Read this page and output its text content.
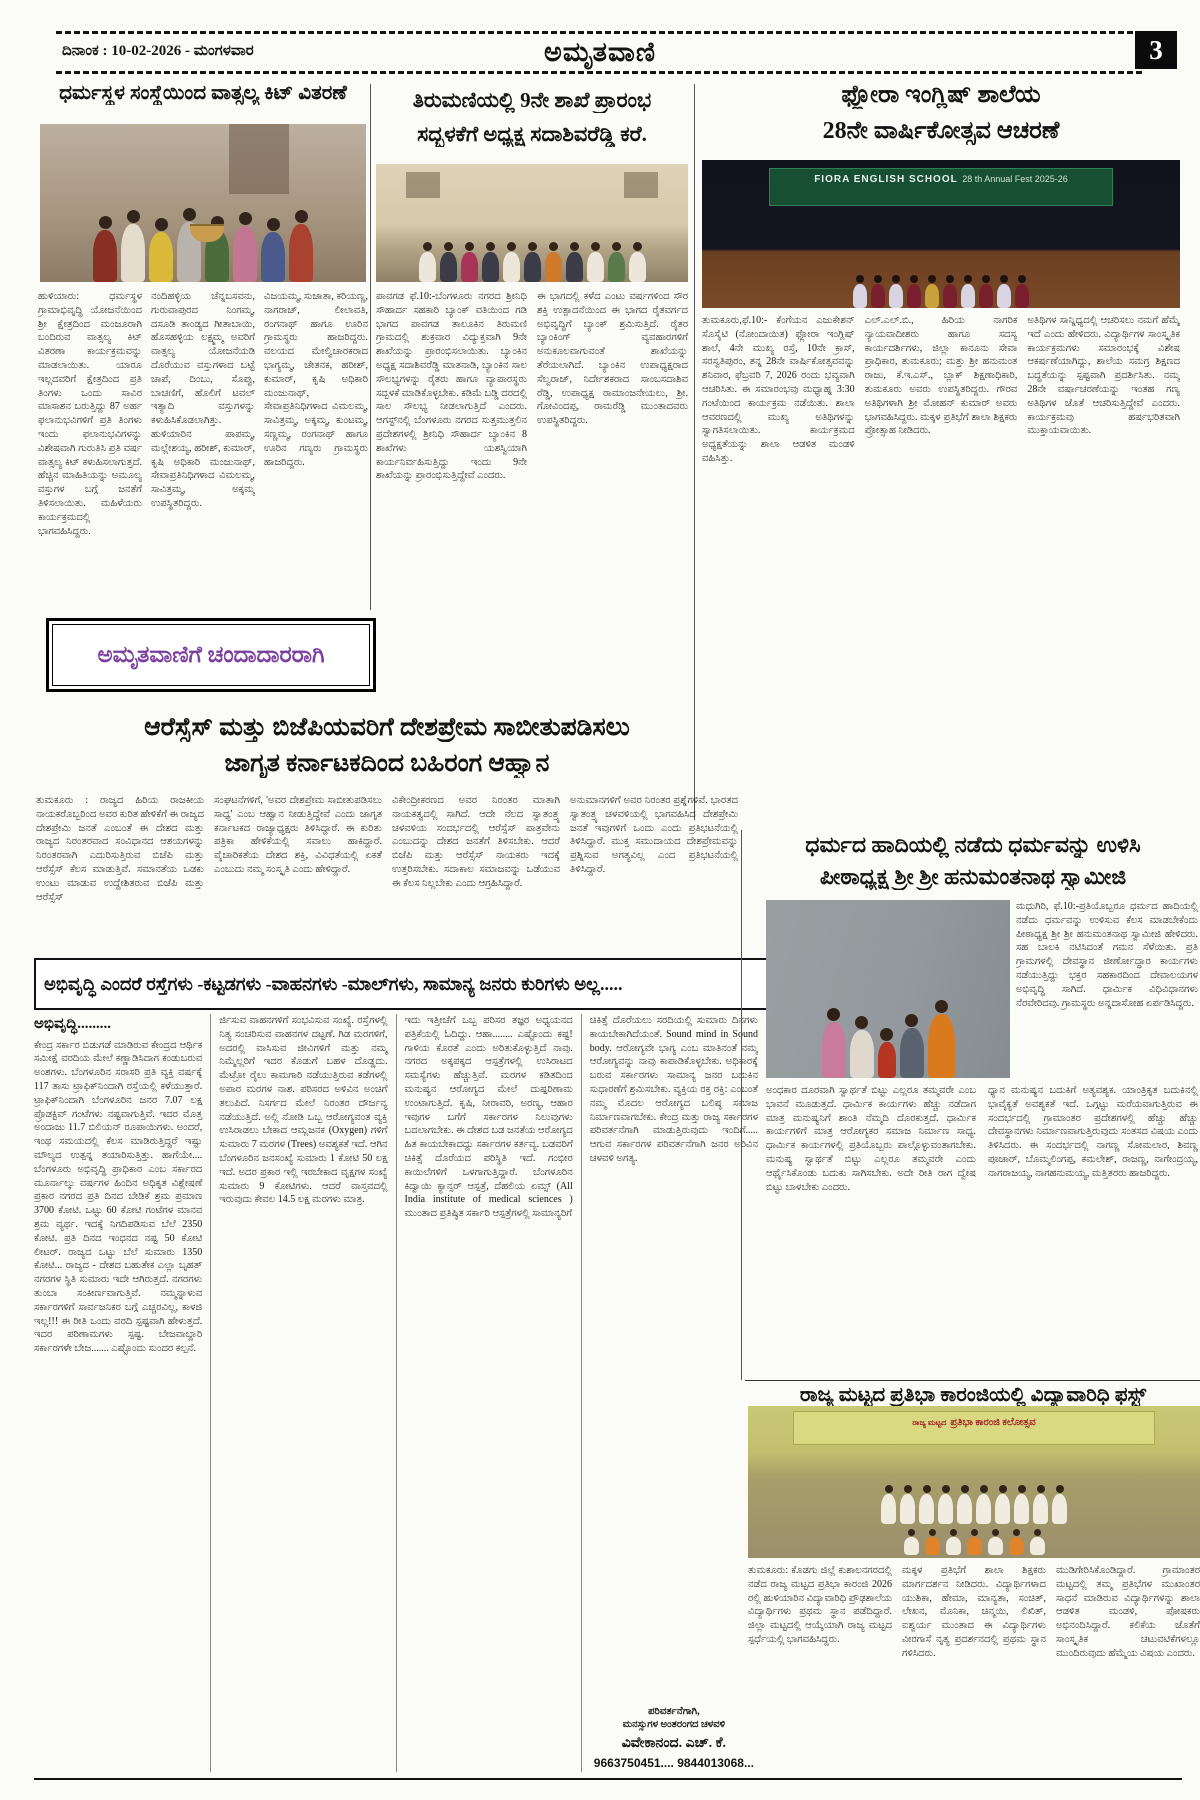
ದಿನಾಂಕ : 10-02-2026 - ಮಂಗಳವಾರ	ಅಮೃತವಾಣಿ	3
ಧರ್ಮಸ್ಥಳ ಸಂಸ್ಥೆಯಿಂದ ವಾತ್ಸಲ್ಯ ಕಿಟ್ ವಿತರಣೆ
ಹುಳಿಯಾರು: ಧರ್ಮಸ್ಥಳ ಗ್ರಾಮಾಭಿವೃದ್ಧಿ ಯೋಜನೆಯಿಂದ ಶ್ರೀ ಕ್ಷೇತ್ರದಿಂದ ಮಂಜೂರಾಗಿ ಬಂದಿರುವ ವಾತ್ಸಲ್ಯ ಕಿಟ್ ವಿತರಣಾ ಕಾರ್ಯಕ್ರಮವನ್ನು ಮಾಡಲಾಯಿತು. ಯಾರೂ ಇಲ್ಲದವರಿಗೆ ಕ್ಷೇತ್ರದಿಂದ ಪ್ರತಿ ತಿಂಗಳು ಒಂದು ಸಾವಿರ ಮಾಸಾಶನ ಬರುತ್ತಿದ್ದು 87 ಅರ್ಹ ಫಲಾನುಭವಿಗಳಿಗೆ ಪ್ರತಿ ತಿಂಗಳು ಇಂದು ಫಲಾನುಭವಿಗಳನ್ನು ವಿಶೇಷವಾಗಿ ಗುರುತಿಸಿ ಪ್ರತಿ ವರ್ಷ ವಾತ್ಸಲ್ಯ ಕಿಟ್ ಕಳುಹಿಸಲಾಗುತ್ತದೆ. ಹೆಚ್ಚಿನ ಮಾಹಿತಿಯನ್ನು ಅಮೂಲ್ಯ ವಸ್ತುಗಳ ಬಗ್ಗೆ ಜನತೆಗೆ ತಿಳಿಸಲಾಯಿತು. ಮಹಿಳೆಯರು ಕಾರ್ಯಕ್ರಮದಲ್ಲಿ ಭಾಗವಹಿಸಿದ್ದರು.
ನಂದಿಹಳ್ಳಿಯ ಚೆನ್ನಬಸವನು, ಗುರುವಾಪುರದ ನಿಂಗಮ್ಮ, ದಸೂಡಿ ತಾಂಡ್ಯದ ಗೀತಾಬಾಯಿ, ಹೊಸಹಳ್ಳಿಯ ಲಕ್ಷ್ಮಮ್ಮ ಅವರಿಗೆ ವಾತ್ಸಲ್ಯ ಯೋಜನೆಯಡಿ ದೊರೆಯುವ ವಸ್ತುಗಳಾದ ಬಟ್ಟೆ ಚಾಪೆ, ದಿಂಬು, ಸೊಪ್ಪು, ಬಾಚಣಿಗೆ, ಹೊಲಿಗೆ ಟವಲ್ ಇತ್ಯಾದಿ ವಸ್ತುಗಳನ್ನು ಕಳುಹಿಸಿಕೊಡಲಾಗಿತ್ತು. ಹುಳಿಯಾರಿನ ಪಾಪಮ್ಮ, ಮಲ್ಲೇಶಯ್ಯ, ಹರೀಶ್, ಕುಮಾರ್, ಕೃಷಿ ಅಧಿಕಾರಿ ಮಂಜುನಾಥ್, ಸೇವಾಪ್ರತಿನಿಧಿಗಳಾದ ವಿಮಲಮ್ಮ, ಸಾವಿತ್ರಮ್ಮ, ಅಕ್ಕಮ್ಮ ಉಪಸ್ಥಿತರಿದ್ದರು.
ವಿಜಯಮ್ಮ, ಸುಜಾತಾ, ಕರಿಯಣ್ಣ, ನಾಗರಾಜ್, ಲೀಲಾವತಿ, ರಂಗನಾಥ್ ಹಾಗೂ ಊರಿನ ಗ್ರಾಮಸ್ಥರು ಹಾಜರಿದ್ದರು. ವಲಯದ ಮೇಲ್ವಿಚಾರಕರಾದ ಭಾಗ್ಯಮ್ಮ, ಚೇತನಕ, ಹರೀಶ್, ಕುಮಾರ್, ಕೃಷಿ ಅಧಿಕಾರಿ ಮಂಜುನಾಥ್, ಸೇವಾಪ್ರತಿನಿಧಿಗಳಾದ ವಿಮಲಮ್ಮ, ಸಾವಿತ್ರಮ್ಮ, ಅಕ್ಕಮ್ಮ, ಕುಂಟಮ್ಮ, ಸಣ್ಣಮ್ಮ, ರಂಗನಾಥ್ ಹಾಗೂ ಊರಿನ ಗಣ್ಯರು ಗ್ರಾಮಸ್ಥರು ಹಾಜರಿದ್ದರು.
ತಿರುಮಣಿಯಲ್ಲಿ 9ನೇ ಶಾಖೆ ಪ್ರಾರಂಭ
ಸದ್ಬಳಕೆಗೆ ಅಧ್ಯಕ್ಷ ಸದಾಶಿವರೆಡ್ಡಿ ಕರೆ.
ಪಾವಗಡ ಫೆ.10:-ಬೆಂಗಳೂರು ನಗರದ ಶ್ರೀನಿಧಿ ಸೌಹಾರ್ದ ಸಹಕಾರಿ ಬ್ಯಾಂಕ್ ವತಿಯಿಂದ ಗಡಿ ಭಾಗದ ಪಾವಗಡ ತಾಲೂಕಿನ ತಿರುಮಣಿ ಗ್ರಾಮದಲ್ಲಿ ಶುಕ್ರವಾರ ವಿದ್ಯುಕ್ತವಾಗಿ 9ನೇ ಶಾಖೆಯನ್ನು ಪ್ರಾರಂಭಿಸಲಾಯಿತು. ಬ್ಯಾಂಕಿನ ಅಧ್ಯಕ್ಷ ಸದಾಶಿವರೆಡ್ಡಿ ಮಾತನಾಡಿ, ಬ್ಯಾಂಕಿನ ಸಾಲ ಸೌಲಭ್ಯಗಳನ್ನು ರೈತರು ಹಾಗೂ ವ್ಯಾಪಾರಸ್ಥರು ಸದ್ಬಳಕೆ ಮಾಡಿಕೊಳ್ಳಬೇಕು. ಕಡಿಮೆ ಬಡ್ಡಿ ದರದಲ್ಲಿ ಸಾಲ ಸೌಲಭ್ಯ ನೀಡಲಾಗುತ್ತಿದೆ ಎಂದರು. ಆಗಸ್ಟ್‌ನಲ್ಲಿ ಬೆಂಗಳೂರು ನಗರದ ಸುತ್ತಮುತ್ತಲಿನ ಪ್ರದೇಶಗಳಲ್ಲಿ ಶ್ರೀನಿಧಿ ಸೌಹಾರ್ದ ಬ್ಯಾಂಕಿನ 8 ಶಾಖೆಗಳು ಯಶಸ್ವಿಯಾಗಿ ಕಾರ್ಯನಿರ್ವಹಿಸುತ್ತಿದ್ದು ಇಂದು 9ನೇ ಶಾಖೆಯನ್ನು ಪ್ರಾರಂಭಿಸುತ್ತಿದ್ದೇವೆ ಎಂದರು.
ಈ ಭಾಗದಲ್ಲಿ ಕಳೆದ ಎಂಟು ವರ್ಷಗಳಿಂದ ಸೌರ ಶಕ್ತಿ ಉತ್ಪಾದನೆಯಿಂದ ಈ ಭಾಗದ ರೈತವರ್ಗದ ಅಭಿವೃದ್ಧಿಗೆ ಬ್ಯಾಂಕ್ ಶ್ರಮಿಸುತ್ತಿದೆ. ರೈತರ ಬ್ಯಾಂಕಿಂಗ್ ವ್ಯವಹಾರಗಳಿಗೆ ಅನುಕೂಲವಾಗುವಂತೆ ಶಾಖೆಯನ್ನು ತೆರೆಯಲಾಗಿದೆ. ಬ್ಯಾಂಕಿನ ಉಪಾಧ್ಯಕ್ಷರಾದ ಸೆಲ್ವರಾಜ್, ನಿರ್ದೇಶಕರಾದ ಸಾಂಬಸದಾಶಿವ ರೆಡ್ಡಿ, ಉಪಾಧ್ಯಕ್ಷ ರಾಮಾಂಜನೇಯಲು, ಶ್ರೀ. ಗೋವಿಂದಪ್ಪ, ರಾಮರೆಡ್ಡಿ ಮುಂತಾದವರು ಉಪಸ್ಥಿತರಿದ್ದರು.
ಫ್ಲೋರಾ ಇಂಗ್ಲಿಷ್ ಶಾಲೆಯ
28ನೇ ವಾರ್ಷಿಕೋತ್ಸವ ಆಚರಣೆ
FIORA ENGLISH SCHOOL 28 th Annual Fest 2025-26
ತುಮಕೂರು,ಫೆ.10:- ಕೆಂಗೆಯನ ಎಜುಕೇಶನ್ ಸೊಸೈಟಿ (ನೋಂದಾಯಿತ) ಫ್ಲೋರಾ ಇಂಗ್ಲಿಷ್ ಶಾಲೆ, 4ನೇ ಮುಖ್ಯ ರಸ್ತೆ, 10ನೇ ಕ್ರಾಸ್, ಸರಸ್ವತಿಪುರಂ, ತನ್ನ 28ನೇ ವಾರ್ಷಿಕೋತ್ಸವವನ್ನು ಶನಿವಾರ, ಫೆಬ್ರವರಿ 7, 2026 ರಂದು ಭವ್ಯವಾಗಿ ಆಚರಿಸಿತು. ಈ ಸಮಾರಂಭವು ಮಧ್ಯಾಹ್ನ 3:30 ಗಂಟೆಯಿಂದ ಕಾರ್ಯಕ್ರಮ ನಡೆಯಿತು. ಶಾಲಾ ಆವರಣದಲ್ಲಿ ಮುಖ್ಯ ಅತಿಥಿಗಳನ್ನು ಸ್ವಾಗತಿಸಲಾಯಿತು. ಕಾರ್ಯಕ್ರಮದ ಅಧ್ಯಕ್ಷತೆಯನ್ನು ಶಾಲಾ ಆಡಳಿತ ಮಂಡಳಿ ವಹಿಸಿತ್ತು.
ಎಲ್.ಎಲ್.ಬಿ., ಹಿರಿಯ ನಾಗರಿಕ ನ್ಯಾಯವಾದೀಶರು ಹಾಗೂ ಸದಸ್ಯ ಕಾರ್ಯದರ್ಶಿಗಳು, ಜಿಲ್ಲಾ ಕಾನೂನು ಸೇವಾ ಪ್ರಾಧಿಕಾರ, ತುಮಕೂರು; ಮತ್ತು ಶ್ರೀ ಹನುಮಂತ ರಾಜು, ಕೆ.ಇ.ಎಸ್., ಬ್ಲಾಕ್ ಶಿಕ್ಷಣಾಧಿಕಾರಿ, ತುಮಕೂರು ಅವರು ಉಪಸ್ಥಿತರಿದ್ದರು. ಗೌರವ ಅತಿಥಿಗಳಾಗಿ ಶ್ರೀ ಮೋಹನ್ ಕುಮಾರ್ ಅವರು ಭಾಗವಹಿಸಿದ್ದರು. ಮಕ್ಕಳ ಪ್ರತಿಭೆಗೆ ಶಾಲಾ ಶಿಕ್ಷಕರು ಪ್ರೋತ್ಸಾಹ ನೀಡಿದರು.
ಅತಿಥಿಗಳ ಸಾನ್ನಿಧ್ಯದಲ್ಲಿ ಆಚರಿಸಲು ನಮಗೆ ಹೆಮ್ಮೆ ಇದೆ ಎಂದು ಹೇಳಿದರು. ವಿದ್ಯಾರ್ಥಿಗಳ ಸಾಂಸ್ಕೃತಿಕ ಕಾರ್ಯಕ್ರಮಗಳು ಸಮಾರಂಭಕ್ಕೆ ವಿಶೇಷ ಆಕರ್ಷಣೆಯಾಗಿದ್ದು, ಶಾಲೆಯ ಸಮಗ್ರ ಶಿಕ್ಷಣದ ಬದ್ಧತೆಯನ್ನು ಸ್ಪಷ್ಟವಾಗಿ ಪ್ರದರ್ಶಿಸಿತು. ನಮ್ಮ 28ನೇ ವರ್ಷಾಚರಣೆಯನ್ನು ಇಂತಹ ಗಣ್ಯ ಅತಿಥಿಗಳ ಜೊತೆ ಆಚರಿಸುತ್ತಿದ್ದೇವೆ ಎಂದರು. ಕಾರ್ಯಕ್ರಮವು ಹರ್ಷಭರಿತವಾಗಿ ಮುಕ್ತಾಯವಾಯಿತು.
ಅಮೃತವಾಣಿಗೆ ಚಂದಾದಾರರಾಗಿ
ಆರೆಸ್ಸೆಸ್ ಮತ್ತು ಬಿಜೆಪಿಯವರಿಗೆ ದೇಶಪ್ರೇಮ ಸಾಬೀತುಪಡಿಸಲು
ಜಾಗೃತ ಕರ್ನಾಟಕದಿಂದ ಬಹಿರಂಗ ಆಹ್ವಾನ
ತುಮಕೂರು : ರಾಜ್ಯದ ಹಿರಿಯ ರಾಜಕೀಯ ನಾಯಕರೊಬ್ಬರಿಂದ ಅವರ ಕುರಿತ ಹೇಳಿಕೆಗೆ ಈ ರಾಜ್ಯದ ದೇಶಪ್ರೇಮಿ ಜನತೆ ಎಂಬಂತೆ ಈ ದೇಶದ ಮತ್ತು ರಾಜ್ಯದ ನಿರಂತರವಾದ ಸಂವಿಧಾನದ ಆಶಯಗಳನ್ನು ನಿರಂತರವಾಗಿ ಎದುರಿಸುತ್ತಿರುವ ಬಿಜೆಪಿ ಮತ್ತು ಆರೆಸ್ಸೆಸ್ ಕೆಲಸ ಮಾಡುತ್ತಿವೆ. ಸಮಾನತೆಯ ಒಡಕು ಉಂಟು ಮಾಡುವ ಉದ್ದೇಶಿತರುವ ಬಿಜೆಪಿ ಮತ್ತು ಆರೆಸ್ಸೆಸ್
ಸಂಘಟನೆಗಳಿಗೆ, 'ಅವರ ದೇಶಪ್ರೇಮ ಸಾಬೀತುಪಡಿಸಲು ಸಾಧ್ಯ' ಎಂಬ ಆಹ್ವಾನ ನೀಡುತ್ತಿದ್ದೇವೆ ಎಂದು ಜಾಗೃತ ಕರ್ನಾಟಕದ ರಾಜ್ಯಾಧ್ಯಕ್ಷರು ತಿಳಿಸಿದ್ದಾರೆ. ಈ ಕುರಿತು ಪತ್ರಿಕಾ ಹೇಳಿಕೆಯಲ್ಲಿ ಸವಾಲು ಹಾಕಿದ್ದಾರೆ. ವೈಚಾರಿಕತೆಯ ದೇಶದ ಶಕ್ತಿ, ವಿವಿಧತೆಯಲ್ಲಿ ಏಕತೆ ಎಂಬುದು ನಮ್ಮ ಸಂಸ್ಕೃತಿ ಎಂದು ಹೇಳಿದ್ದಾರೆ.
ವಿಕೇಂದ್ರೀಕರಣದ ಅವರ ನಿರಂತರ ಮಾತಾಗಿ ನಾಯಕತ್ವದಲ್ಲಿ ಸಾಗಿದೆ. ಆದೇ ನೆಲದ ಸ್ವಾತಂತ್ರ್ಯ ಚಳವಳಿಯ ಸಂದರ್ಭದಲ್ಲಿ ಆರೆಸ್ಸೆಸ್ ಪಾತ್ರವೇನು ಎಂಬುದನ್ನು ದೇಶದ ಜನತೆಗೆ ತಿಳಿಸಬೇಕು. ಆದರೆ ಬಿಜೆಪಿ ಮತ್ತು ಆರೆಸ್ಸೆಸ್ ನಾಯಕರು ಇದಕ್ಕೆ ಉತ್ತರಿಸಬೇಕು. ಸದಾಕಾಲ ಸಮಾಜವನ್ನು ಒಡೆಯುವ ಈ ಕೆಲಸ ನಿಲ್ಲಬೇಕು ಎಂದು ಆಗ್ರಹಿಸಿದ್ದಾರೆ.
ಅನುಮಾನಗಳಿಗೆ ಅವರ ನಿರಂತರ ಪ್ರಶ್ನೆಗಳಿವೆ. ಭಾರತದ ಸ್ವಾತಂತ್ರ್ಯ ಚಳವಳಿಯಲ್ಲಿ ಭಾಗವಹಿಸಿದ ದೇಶಪ್ರೇಮಿ ಜನತೆ ಇವುಗಳಿಗೆ ಒಂದು ಎಂದು ಪ್ರತಿಭಟನೆಯಲ್ಲಿ ತಿಳಿಸಿದ್ದಾರೆ. ಮುಕ್ತ ಸಮುದಾಯದ ದೇಶಪ್ರೇಮವನ್ನು ಪ್ರಶ್ನಿಸುವ ಅಗತ್ಯವಿಲ್ಲ ಎಂದ ಪ್ರತಿಭಟನೆಯಲ್ಲಿ ತಿಳಿಸಿದ್ದಾರೆ.
ಅಭಿವೃದ್ಧಿ ಎಂದರೆ ರಸ್ತೆಗಳು -ಕಟ್ಟಡಗಳು -ವಾಹನಗಳು -ಮಾಲ್‌ಗಳು, ಸಾಮಾನ್ಯ ಜನರು ಕುರಿಗಳು ಅಲ್ಲ.....
ಅಭಿವೃದ್ಧಿ.........
ಕೇಂದ್ರ ಸರ್ಕಾರ ಬಿಡುಗಡೆ ಮಾಡಿರುವ ಕೇಂದ್ರದ ಆರ್ಥಿಕ ಸಮೀಕ್ಷೆ ವರದಿಯ ಮೇಲೆ ಕಣ್ಣಾಡಿಸಿದಾಗ ಕಂಡುಬರುವ ಅಂಶಗಳು. ಬೆಂಗಳೂರಿನ ಸರಾಸರಿ ಪ್ರತಿ ವ್ಯಕ್ತಿ ವರ್ಷಕ್ಕೆ 117 ತಾಸು ಟ್ರಾಫಿಕ್‌ನಿಂದಾಗಿ ರಸ್ತೆಯಲ್ಲಿ ಕಳೆಯುತ್ತಾರೆ. ಟ್ರಾಫಿಕ್‌ನಿಂದಾಗಿ ಬೆಂಗಳೂರಿನ ಜನರ 7.07 ಲಕ್ಷ ಪ್ರೊಡಕ್ಟಿವ್ ಗಂಟೆಗಳು ನಷ್ಟವಾಗುತ್ತಿವೆ. ಇದರ ಮೊತ್ತ ಅಂದಾಜು 11.7 ಬಿಲಿಯನ್ ರೂಪಾಯಿಗಳು. ಅಂದರೆ, ಇಂಥ ಸಮಯದಲ್ಲಿ ಕೆಲಸ ಮಾಡಿರುತ್ತಿದ್ದರೆ ಇಷ್ಟು ಮೌಲ್ಯದ ಉತ್ಪನ್ನ ತಯಾರಿಸುತ್ತಿತ್ತು. ಹಾಗೆಯೇ.... ಬೆಂಗಳೂರು ಅಭಿವೃದ್ಧಿ ಪ್ರಾಧಿಕಾರ ಎಂಬ ಸರ್ಕಾರದ ಮೂರ್ನಾಲ್ಕು ವರ್ಷಗಳ ಹಿಂದಿನ ಅಧಿಕೃತ ವಿಶ್ಲೇಷಣೆ ಪ್ರಕಾರ ನಗರದ ಪ್ರತಿ ದಿನದ ಬೇಡಿಕೆ ಶ್ರಮ ಪ್ರಮಾಣ 3700 ಕೋಟಿ. ಒಟ್ಟು 60 ಕೋಟಿ ಗಂಟೆಗಳ ಮಾನವ ಶ್ರಮ ವ್ಯರ್ಥ. ಇದಕ್ಕೆ ನಿಗದಿಪಡಿಸುವ ಬೆಲೆ 2350 ಕೋಟಿ. ಪ್ರತಿ ದಿನದ ಇಂಧನದ ನಷ್ಟ 50 ಕೋಟಿ ಲೀಟರ್. ರಾಜ್ಯದ ಒಟ್ಟು ಬೆಲೆ ಸುಮಾರು 1350 ಕೋಟಿ... ರಾಜ್ಯದ - ದೇಶದ ಬಹುತೇಕ ಎಲ್ಲಾ ಬೃಹತ್ ನಗರಗಳ ಸ್ಥಿತಿ ಸುಮಾರು ಇದೇ ಆಗಿರುತ್ತದೆ. ನಗರಗಳು ತುಂಬಾ ಸಂಕೀರ್ಣವಾಗುತ್ತಿವೆ. ನಮ್ಮನ್ನಾಳುವ ಸರ್ಕಾರಗಳಿಗೆ ಸಾರ್ವಜನಿಕರ ಬಗ್ಗೆ ಎಚ್ಚರವಿಲ್ಲ, ಕಾಳಜಿ ಇಲ್ಲ!!! ಈ ರೀತಿ ಒಂದು ವರದಿ ಸ್ಪಷ್ಟವಾಗಿ ಹೇಳುತ್ತದೆ. ಇದರ ಪರಿಣಾಮಗಳು ಸ್ಪಷ್ಟ. ಬೇಜವಾಬ್ದಾರಿ ಸರ್ಕಾರಗಳೇ ಬೇಜ....... ಎಷ್ಟೊಂದು ಸುಂದರ ಕಲ್ಪನೆ.
ರ್ಜಿಸುವ ವಾಹನಗಳಿಗೆ ಸಂಭವಿಸುವ ಸಂಖ್ಯೆ. ರಸ್ತೆಗಳಲ್ಲಿ ನಿತ್ಯ ಸಂಚರಿಸುವ ವಾಹನಗಳ ದಟ್ಟಣೆ. ಗಿಡ ಮರಗಳಿಗೆ, ಅದರಲ್ಲಿ ವಾಸಿಸುವ ಜೀವಿಗಳಿಗೆ ಮತ್ತು ನಮ್ಮ ನಿಮ್ಮೆಲ್ಲರಿಗೆ ಇದರ ಕೊಡುಗೆ ಬಹಳ ದೊಡ್ಡದು. ಮೆಟ್ರೋ ರೈಲು ಕಾಮಗಾರಿ ನಡೆಯುತ್ತಿರುವ ಕಡೆಗಳಲ್ಲಿ ಅಪಾರ ಮರಗಳ ನಾಶ. ಪರಿಸರದ ಅಳಿವಿನ ಅಂಚಿಗೆ ತಲುಪಿದೆ. ನಿಸರ್ಗದ ಮೇಲೆ ನಿರಂತರ ದೌರ್ಜನ್ಯ ನಡೆಯುತ್ತಿದೆ. ಅಲ್ಲಿ ನೋಡಿ ಒಬ್ಬ ಆರೋಗ್ಯವಂತ ವ್ಯಕ್ತಿ ಉಸಿರಾಡಲು ಬೇಕಾದ ಆಮ್ಲಜನಕ (Oxygen) ಗಳಿಗೆ ಸುಮಾರು 7 ಮರಗಳ (Trees) ಅವಶ್ಯಕತೆ ಇದೆ. ಆಗಿನ ಬೆಂಗಳೂರಿನ ಜನಸಂಖ್ಯೆ ಸುಮಾರು 1 ಕೋಟಿ 50 ಲಕ್ಷ ಇದೆ. ಅದರ ಪ್ರಕಾರ ಇಲ್ಲಿ ಇರಬೇಕಾದ ವೃಕ್ಷಗಳ ಸಂಖ್ಯೆ ಸುಮಾರು 9 ಕೋಟಿಗಳು. ಆದರೆ ವಾಸ್ತವದಲ್ಲಿ ಇರುವುದು ಕೇವಲ 14.5 ಲಕ್ಷ ಮರಗಳು ಮಾತ್ರ.
ಇದು ಇತ್ತೀಚೆಗೆ ಒಬ್ಬ ಪರಿಸರ ತಜ್ಞರ ಅಧ್ಯಯನದ ಪತ್ರಿಕೆಯಲ್ಲಿ ಓದಿದ್ದು. ಆಹಾ........ ಎಷ್ಟೊಂದು ಕಷ್ಟ! ಗಾಳಿಯ ಕೊರತೆ ಎಂದು ಅರಿತುಕೊಳ್ಳುತ್ತಿದೆ ನಾವು. ನಗರದ ಅಕ್ಕಪಕ್ಕದ ಆಸ್ಪತ್ರೆಗಳಲ್ಲಿ ಉಸಿರಾಟದ ಸಮಸ್ಯೆಗಳು ಹೆಚ್ಚುತ್ತಿವೆ. ಮರಗಳ ಕಡಿತದಿಂದ ಮನುಷ್ಯನ ಆರೋಗ್ಯದ ಮೇಲೆ ದುಷ್ಪರಿಣಾಮ ಉಂಟಾಗುತ್ತಿದೆ. ಕೃಷಿ, ನೀರಾವರಿ, ಅರಣ್ಯ, ಆಹಾರ ಇವುಗಳ ಬಗೆಗೆ ಸರ್ಕಾರಗಳ ನಿಲುವುಗಳು ಬದಲಾಗಬೇಕು. ಈ ದೇಶದ ಬಡ ಜನತೆಯ ಆರೋಗ್ಯದ ಹಿತ ಕಾಯಬೇಕಾದದ್ದು ಸರ್ಕಾರಗಳ ಕರ್ತವ್ಯ. ಬಡವರಿಗೆ ಚಿಕಿತ್ಸೆ ದೊರೆಯದ ಪರಿಸ್ಥಿತಿ ಇದೆ. ಗಂಭೀರ ಕಾಯಿಲೆಗಳಿಗೆ ಒಳಗಾಗುತ್ತಿದ್ದಾರೆ. ಬೆಂಗಳೂರಿನ ಕಿದ್ವಾಯಿ ಕ್ಯಾನ್ಸರ್ ಆಸ್ಪತ್ರೆ, ದೆಹಲಿಯ ಏಮ್ಸ್ (All India institute of medical sciences ) ಮುಂತಾದ ಪ್ರತಿಷ್ಠಿತ ಸರ್ಕಾರಿ ಆಸ್ಪತ್ರೆಗಳಲ್ಲಿ ಸಾಮಾನ್ಯರಿಗೆ
ಚಿಕಿತ್ಸೆ ದೊರೆಯಲು ಸರದಿಯಲ್ಲಿ ಸುಮಾರು ದಿನಗಳು ಕಾಯಬೇಕಾಗಿದೆಯಂತೆ. Sound mind in Sound body. ಆರೋಗ್ಯವೇ ಭಾಗ್ಯ ಎಂಬ ಮಾತಿನಂತೆ ನಮ್ಮ ಆರೋಗ್ಯವನ್ನು ನಾವು ಕಾಪಾಡಿಕೊಳ್ಳಬೇಕು. ಅಧಿಕಾರಕ್ಕೆ ಬರುವ ಸರ್ಕಾರಗಳು ಸಾಮಾನ್ಯ ಜನರ ಬದುಕಿನ ಸುಧಾರಣೆಗೆ ಶ್ರಮಿಸಬೇಕು. ವ್ಯಕ್ತಿಯ ರಕ್ತ ರಕ್ತಿ: ಎಂಬಂತೆ ನಮ್ಮ ಮೊದಲ ಆರೋಗ್ಯದ ಬಲಿಷ್ಠ ಸಮಾಜ ನಿರ್ಮಾಣವಾಗಬೇಕು. ಕೇಂದ್ರ ಮತ್ತು ರಾಜ್ಯ ಸರ್ಕಾರಗಳ ಪರಿವರ್ತನೆಗಾಗಿ ಮಾಡುತ್ತಿರುವುದು ಇಂದಿಗೆ..... ಆಗುವ ಸರ್ಕಾರಗಳ ಪರಿವರ್ತನೆಗಾಗಿ ಜನರ ಅರಿವಿನ ಚಳವಳಿ ಅಗತ್ಯ.
ಪರಿವರ್ತನೆಗಾಗಿ,
ಮನಸ್ಸುಗಳ ಅಂತರಂಗದ ಚಳವಳಿ
ವಿವೇಕಾನಂದ. ಎಚ್. ಕೆ.
9663750451.... 9844013068...
ಧರ್ಮದ ಹಾದಿಯಲ್ಲಿ ನಡೆದು ಧರ್ಮವನ್ನು ಉಳಿಸಿ
ಪೀಠಾಧ್ಯಕ್ಷ ಶ್ರೀ ಶ್ರೀ ಹನುಮಂತನಾಥ ಸ್ವಾಮೀಜಿ
ಮಧುಗಿರಿ, ಫೆ.10:-ಪ್ರತಿಯೊಬ್ಬರೂ ಧರ್ಮದ ಹಾದಿಯಲ್ಲಿ ನಡೆದು ಧರ್ಮವನ್ನು ಉಳಿಸುವ ಕೆಲಸ ಮಾಡಬೇಕೆಂದು ಪೀಠಾಧ್ಯಕ್ಷ ಶ್ರೀ ಶ್ರೀ ಹನುಮಂತನಾಥ ಸ್ವಾಮೀಜಿ ಹೇಳಿದರು. ಸಹ ಬಾಲಕಿ ನಟಿಸಿದಂತೆ ಗಮನ ಸೆಳೆಯಿತು. ಪ್ರತಿ ಗ್ರಾಮಗಳಲ್ಲಿ ದೇವಸ್ಥಾನ ಜೀರ್ಣೋದ್ಧಾರ ಕಾರ್ಯಗಳು ನಡೆಯುತ್ತಿದ್ದು ಭಕ್ತರ ಸಹಕಾರದಿಂದ ದೇವಾಲಯಗಳ ಅಭಿವೃದ್ಧಿ ಸಾಗಿದೆ. ಧಾರ್ಮಿಕ ವಿಧಿವಿಧಾನಗಳು ನೆರವೇರಿದವು. ಗ್ರಾಮಸ್ಥರು ಅನ್ನದಾಸೋಹ ಏರ್ಪಡಿಸಿದ್ದರು.
ಅಂಧಕಾರ ದೂರವಾಗಿ ಸ್ವಾರ್ಥತೆ ಬಿಟ್ಟು ಎಲ್ಲರೂ ತಮ್ಮವರೇ ಎಂಬ ಭಾವನೆ ಮೂಡುತ್ತದೆ. ಧಾರ್ಮಿಕ ಕಾರ್ಯಗಳು ಹೆಚ್ಚು ನಡೆದಾಗ ಮಾತ್ರ ಮನುಷ್ಯನಿಗೆ ಶಾಂತಿ ನೆಮ್ಮದಿ ದೊರಕುತ್ತದೆ. ಧಾರ್ಮಿಕ ಕಾರ್ಯಗಳಿಗೆ ಮಾತ್ರ ಆರೋಗ್ಯಕರ ಸಮಾಜ ನಿರ್ಮಾಣ ಸಾಧ್ಯ. ಧಾರ್ಮಿಕ ಕಾರ್ಯಗಳಲ್ಲಿ ಪ್ರತಿಯೊಬ್ಬರು ಪಾಲ್ಗೊಳ್ಳುವಂತಾಗಬೇಕು. ಮನುಷ್ಯ ಸ್ವಾರ್ಥತೆ ಬಿಟ್ಟು ಎಲ್ಲರೂ ತಮ್ಮವರೇ ಎಂದು ಆರ್ಥೈಸಿಕೊಂಡು ಬದುಕು ಸಾಗಿಸಬೇಕು. ಅದೇ ರೀತಿ ರಾಗ ದ್ವೇಷ ಬಿಟ್ಟು ಬಾಳಬೇಕು ಎಂದರು.
ಧ್ಯಾನ ಮನುಷ್ಯನ ಬದುಕಿಗೆ ಅತ್ಯವಶ್ಯಕ. ಯಾಂತ್ರಿಕೃತ ಬದುಕಿನಲ್ಲಿ ಭಾವೈಕ್ಯತೆ ಅವಶ್ಯಕತೆ ಇದೆ. ಒಗ್ಗಟ್ಟು ಮರೆಯವಾಗುತ್ತಿರುವ ಈ ಸಂದರ್ಭದಲ್ಲಿ ಗ್ರಾಮಾಂತರ ಪ್ರದೇಶಗಳಲ್ಲಿ ಹೆಚ್ಚು ಹೆಚ್ಚು ದೇವಸ್ಥಾನಗಳು ನಿರ್ಮಾಣವಾಗುತ್ತಿರುವುದು ಸಂತಸದ ವಿಷಯ ಎಂದು ತಿಳಿಸಿದರು. ಈ ಸಂದರ್ಭದಲ್ಲಿ ನಾಗಣ್ಣ ಸೋಮಲಾರ, ಶಿವಣ್ಣ ಪೂಜಾರ್, ಬೊಮ್ಮಲಿಂಗಪ್ಪ, ಕಮಲೇಶ್, ರಾಜಣ್ಣ, ನಾಗೇಂದ್ರಯ್ಯ, ನಾಗರಾಜಯ್ಯ, ನಾಗಹನುಮಯ್ಯ, ಮತ್ತಿತರರು ಹಾಜರಿದ್ದರು.
ರಾಜ್ಯ ಮಟ್ಟದ ಪ್ರತಿಭಾ ಕಾರಂಜಿಯಲ್ಲಿ ವಿದ್ಯಾವಾರಿಧಿ ಫಸ್ಟ್
ರಾಜ್ಯ ಮಟ್ಟದ ಪ್ರತಿಭಾ ಕಾರಂಜಿ ಕಲೋತ್ಸವ
ತುಮಕೂರು: ಕೊಡಗು ಜಿಲ್ಲೆ ಕುಶಾಲನಗರದಲ್ಲಿ ನಡೆದ ರಾಜ್ಯ ಮಟ್ಟದ ಪ್ರತಿಭಾ ಕಾರಂಜಿ 2026 ರಲ್ಲಿ ಹುಳಿಯಾರಿನ ವಿದ್ಯಾವಾರಿಧಿ ಪ್ರೌಢಶಾಲೆಯ ವಿದ್ಯಾರ್ಥಿಗಳು ಪ್ರಥಮ ಸ್ಥಾನ ಪಡೆದಿದ್ದಾರೆ. ಜಿಲ್ಲಾ ಮಟ್ಟದಲ್ಲಿ ಆಯ್ಕೆಯಾಗಿ ರಾಜ್ಯ ಮಟ್ಟದ ಸ್ಪರ್ಧೆಯಲ್ಲಿ ಭಾಗವಹಿಸಿದ್ದರು.
ಮಕ್ಕಳ ಪ್ರತಿಭೆಗೆ ಶಾಲಾ ಶಿಕ್ಷಕರು ಮಾರ್ಗದರ್ಶನ ನೀಡಿದರು. ವಿದ್ಯಾರ್ಥಿಗಳಾದ ಯುಶಿಕಾ, ಹೇಮಾ, ಮಾನ್ಯತಾ, ಸಂಚಿತ್, ಲೇಖನ, ಮೊನಿಕಾ, ಚಿನ್ಮಯಿ, ಲಿಖಿತ್, ಐಶ್ವರ್ಯ ಮುಂತಾದ ಈ ವಿದ್ಯಾರ್ಥಿಗಳು ವೀರಗಾಸೆ ನೃತ್ಯ ಪ್ರದರ್ಶನದಲ್ಲಿ ಪ್ರಥಮ ಸ್ಥಾನ ಗಳಿಸಿದರು.
ಮುಡಿಗೇರಿಸಿಕೊಂಡಿದ್ದಾರೆ. ಗ್ರಾಮಾಂತರ ಮಟ್ಟದಲ್ಲಿ ತಮ್ಮ ಪ್ರತಿಭೆಗಳ ಮುಖಾಂತರ ಸಾಧನೆ ಮಾಡಿರುವ ವಿದ್ಯಾರ್ಥಿಗಳನ್ನು ಶಾಲಾ ಆಡಳಿತ ಮಂಡಳಿ, ಪೋಷಕರು ಅಭಿನಂದಿಸಿದ್ದಾರೆ. ಕಲಿಕೆಯ ಜೊತೆಗೆ ಸಾಂಸ್ಕೃತಿಕ ಚಟುವಟಿಕೆಗಳಲ್ಲೂ ಮುಂದಿರುವುದು ಹೆಮ್ಮೆಯ ವಿಷಯ ಎಂದರು.
